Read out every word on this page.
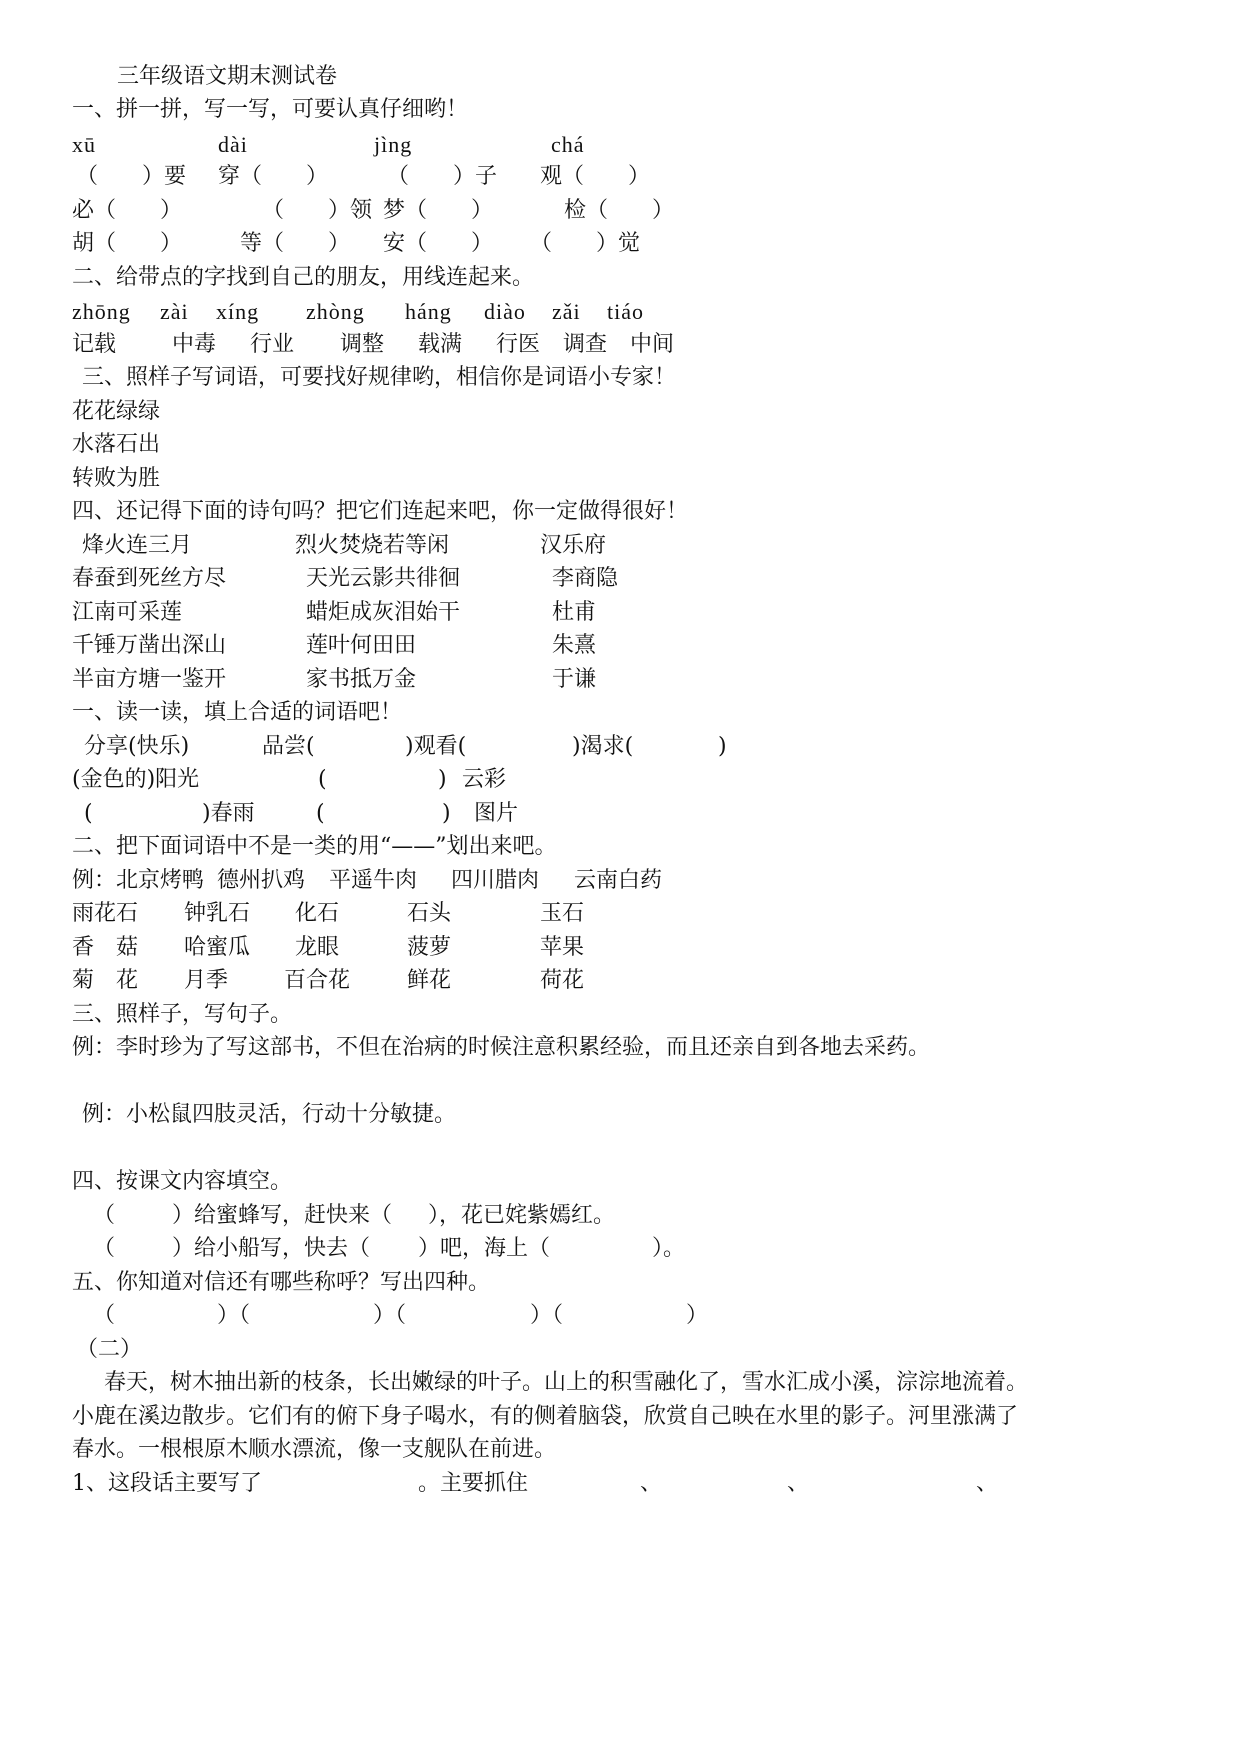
三年级语文期末测试卷
一、拼一拼，写一写，可要认真仔细哟！
xū	dài	jìng	chá
（　　）要 穿（　　）	（　　）子 观（　　）
必（　　）	（　　）领 梦（　　）	检（　　）
胡（　　）	等（　　） 安（　　） （　　）觉
二、给带点的字找到自己的朋友，用线连起来。
zhōng zài xíng zhòng háng diào zǎi tiáo
记载	中毒 行业 调整 载满 行医 调查 中间
三、照样子写词语，可要找好规律哟，相信你是词语小专家！
花花绿绿
水落石出
转败为胜
四、还记得下面的诗句吗？把它们连起来吧，你一定做得很好！
烽火连三月	烈火焚烧若等闲	汉乐府
春蚕到死丝方尽	天光云影共徘徊	李商隐
江南可采莲	蜡炬成灰泪始干	杜甫
千锤万凿出深山	莲叶何田田	朱熹
半亩方塘一鉴开	家书抵万金	于谦
一、读一读，填上合适的词语吧！
分享(快乐)	品尝(	)观看(	)渴求(	)
(金色的)阳光	(	) 云彩
(	)春雨	(	) 图片
二、把下面词语中不是一类的用“——”划出来吧。
例：北京烤鸭 德州扒鸡 平遥牛肉 四川腊肉 云南白药
雨花石 钟乳石 化石	石头	玉石
香　菇 哈蜜瓜 龙眼	菠萝	苹果
菊　花 月季	百合花	鲜花	荷花
三、照样子，写句子。
例：李时珍为了写这部书，不但在治病的时候注意积累经验，而且还亲自到各地去采药。
例：小松鼠四肢灵活，行动十分敏捷。
四、按课文内容填空。
（	）给蜜蜂写，赶快来（ ），花已姹紫嫣红。
（	）给小船写，快去（ ）吧，海上（	）。
五、你知道对信还有哪些称呼？写出四种。
（	）（	）（	）（	）
（二）
春天，树木抽出新的枝条，长出嫩绿的叶子。山上的积雪融化了，雪水汇成小溪，淙淙地流着。
小鹿在溪边散步。它们有的俯下身子喝水，有的侧着脑袋，欣赏自己映在水里的影子。河里涨满了
春水。一根根原木顺水漂流，像一支舰队在前进。
1、这段话主要写了	。主要抓住	、	、	、
